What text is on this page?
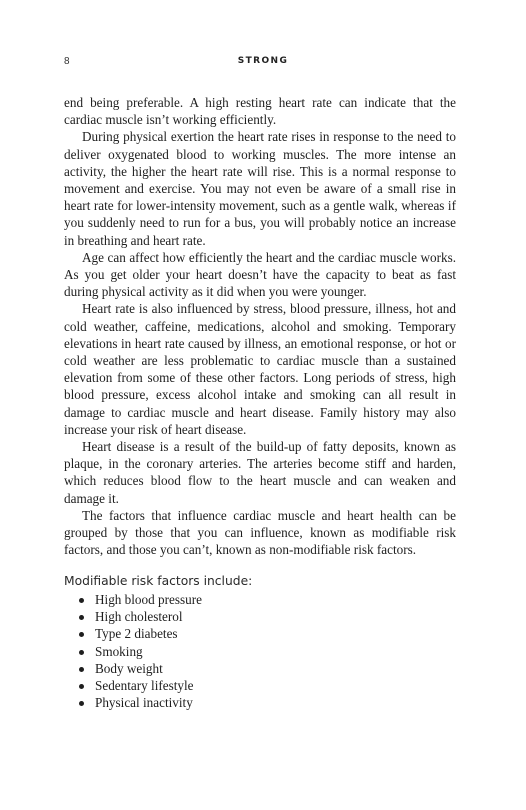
8	STRONG

end being preferable. A high resting heart rate can indicate that the cardiac muscle isn’t working efficiently.

During physical exertion the heart rate rises in response to the need to deliver oxygenated blood to working muscles. The more intense an activity, the higher the heart rate will rise. This is a normal response to movement and exercise. You may not even be aware of a small rise in heart rate for lower-intensity movement, such as a gentle walk, whereas if you suddenly need to run for a bus, you will probably notice an increase in breathing and heart rate.

Age can affect how efficiently the heart and the cardiac muscle works. As you get older your heart doesn’t have the capacity to beat as fast during physical activity as it did when you were younger.

Heart rate is also influenced by stress, blood pressure, illness, hot and cold weather, caffeine, medications, alcohol and smoking. Temporary elevations in heart rate caused by illness, an emotional response, or hot or cold weather are less problematic to cardiac muscle than a sustained elevation from some of these other factors. Long periods of stress, high blood pressure, excess alcohol intake and smoking can all result in damage to cardiac muscle and heart disease. Family history may also increase your risk of heart disease.

Heart disease is a result of the build-up of fatty deposits, known as plaque, in the coronary arteries. The arteries become stiff and harden, which reduces blood flow to the heart muscle and can weaken and damage it.

The factors that influence cardiac muscle and heart health can be grouped by those that you can influence, known as modifiable risk factors, and those you can’t, known as non-modifiable risk factors.

Modifiable risk factors include:
High blood pressure
High cholesterol
Type 2 diabetes
Smoking
Body weight
Sedentary lifestyle
Physical inactivity
